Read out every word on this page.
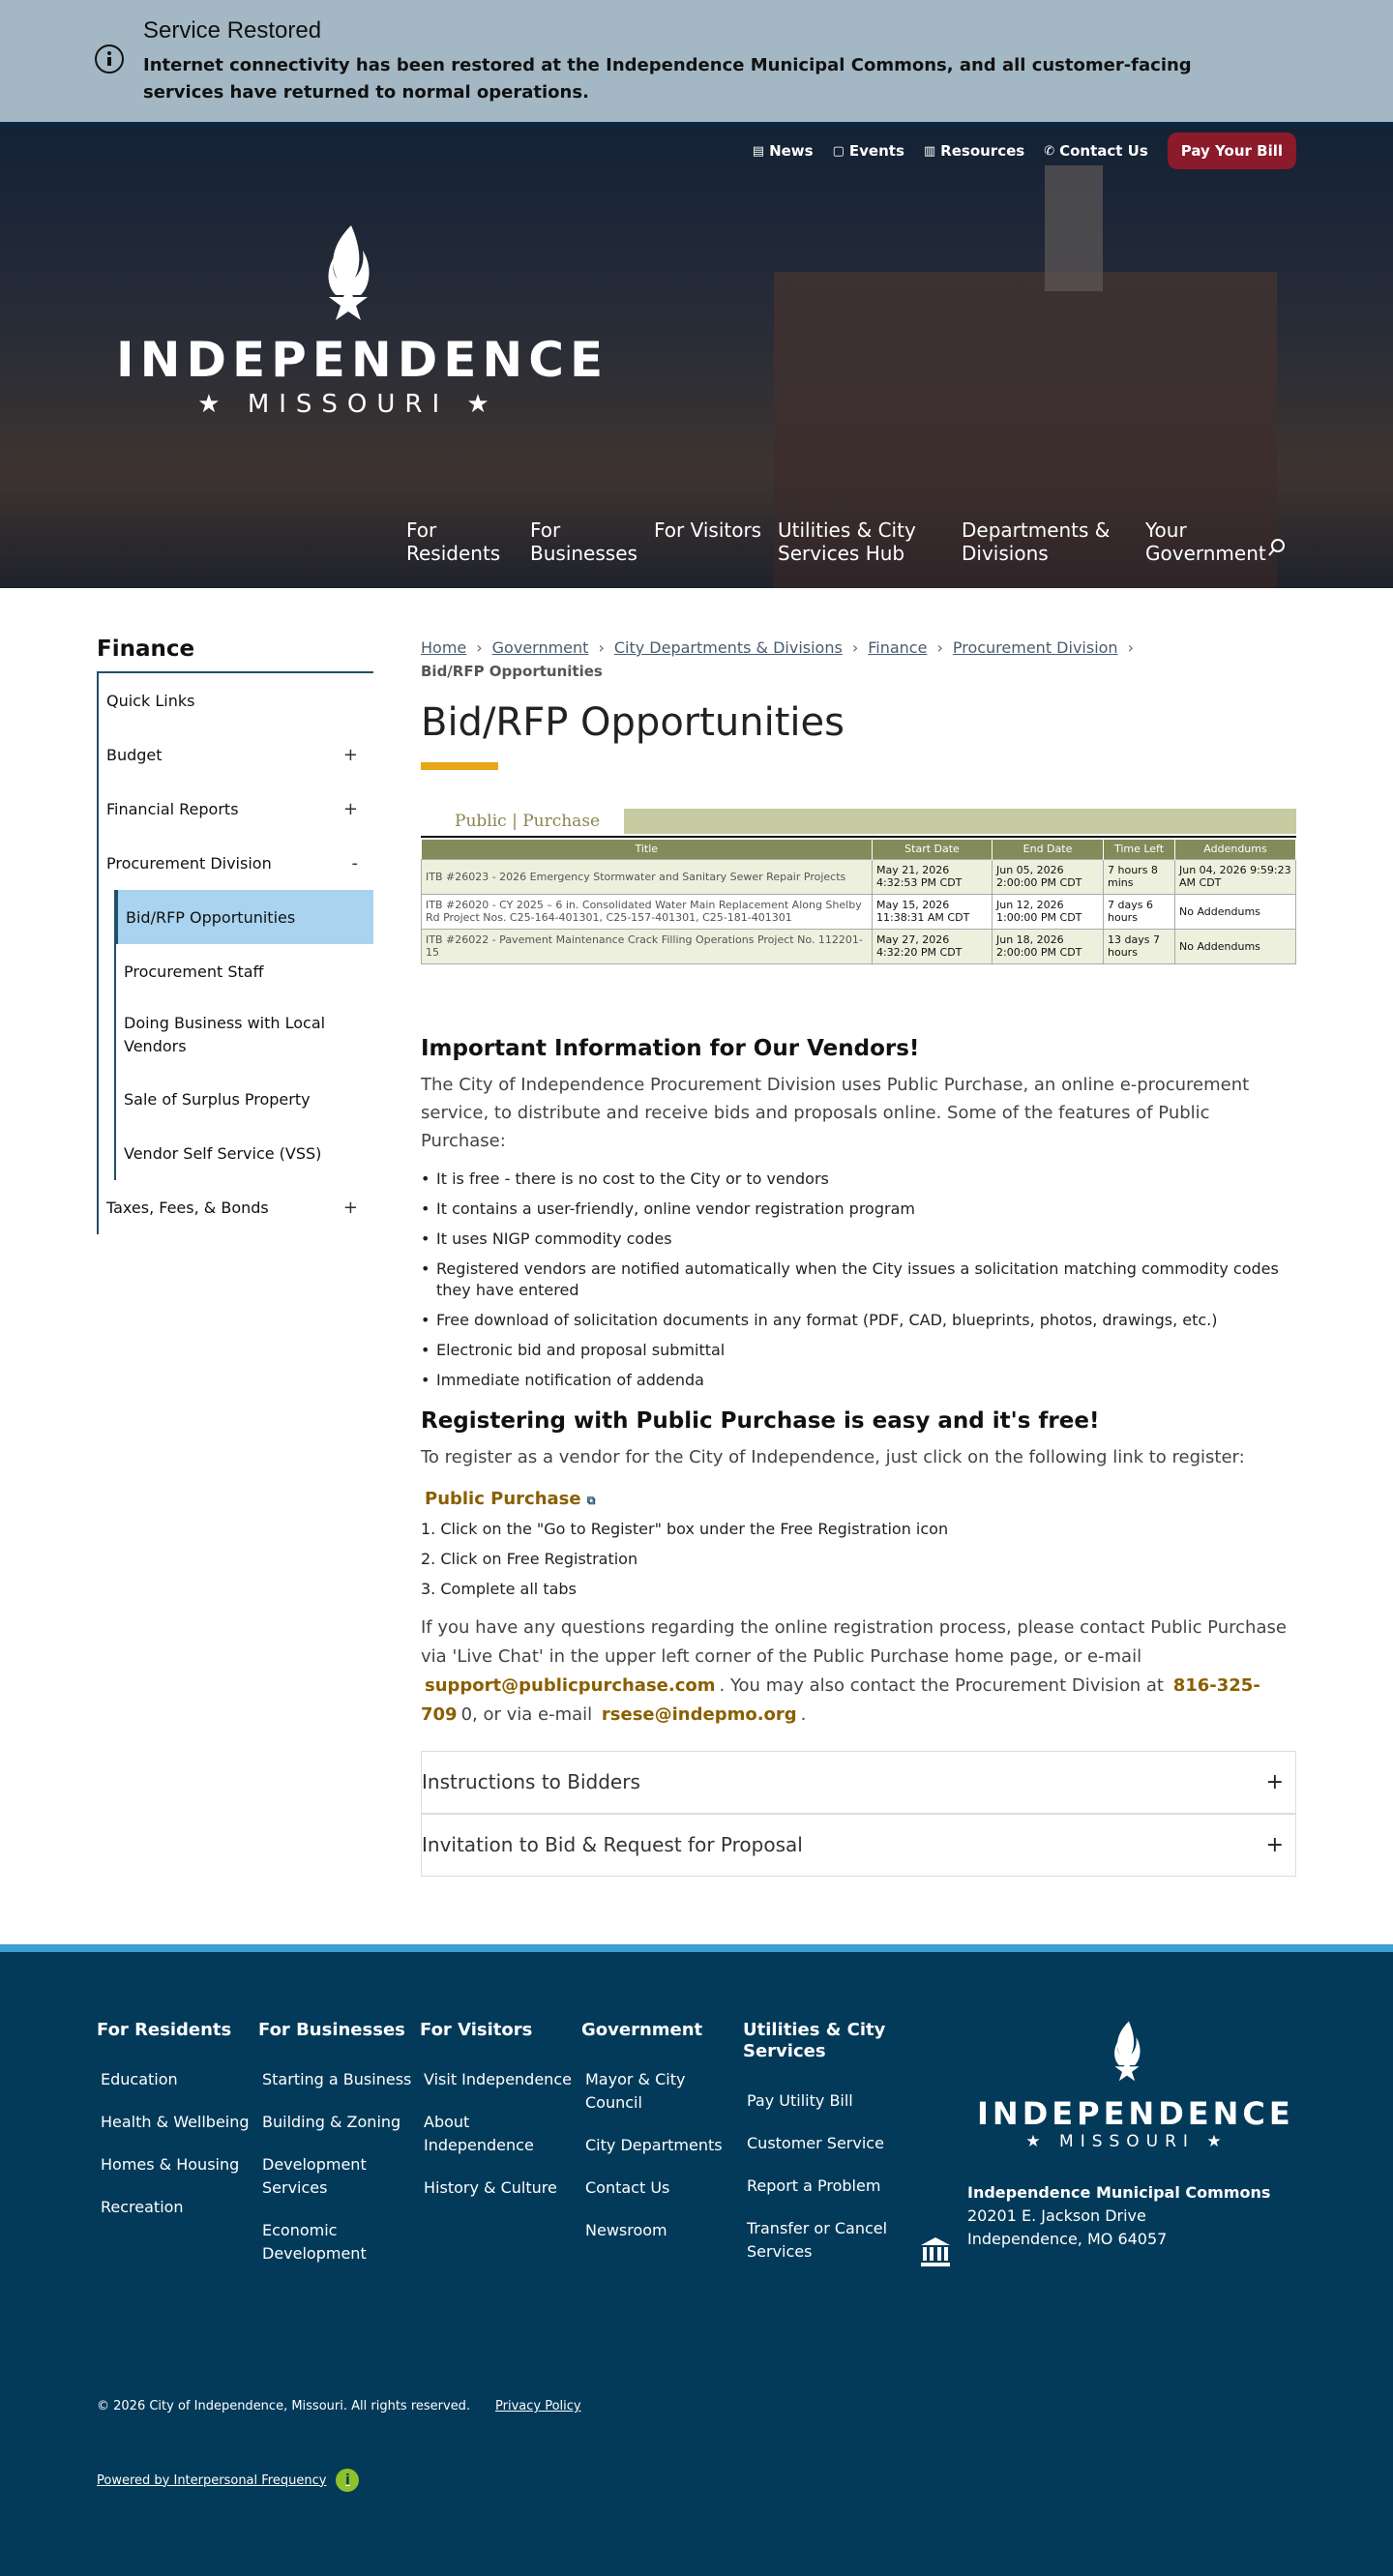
Service Restored
Internet connectivity has been restored at the Independence Municipal Commons, and all customer-facing services have returned to normal operations.
▤ News ▢ Events ▥ Resources ✆ Contact Us	Pay Your Bill
INDEPENDENCE
★ MISSOURI ★
For Residents
For Businesses
For Visitors Utilities & City Services Hub
Departments & Divisions
Your Government
Finance
Quick Links
Budget	+
Financial Reports	+
Procurement Division	-
Bid/RFP Opportunities
Procurement Staff
Doing Business with Local Vendors
Sale of Surplus Property
Vendor Self Service (VSS)
Taxes, Fees, & Bonds	+
Home › Government › City Departments & Divisions › Finance › Procurement Division ›
Bid/RFP Opportunities
Bid/RFP Opportunities
Public | Purchase
Title	Start Date	End Date	Time Left	Addendums
ITB #26023 - 2026 Emergency Stormwater and Sanitary Sewer Repair Projects	May 21, 2026 4:32:53 PM CDT	Jun 05, 2026 2:00:00 PM CDT	7 hours 8 mins	Jun 04, 2026 9:59:23 AM CDT
ITB #26020 - CY 2025 – 6 in. Consolidated Water Main Replacement Along Shelby Rd Project Nos. C25-164-401301, C25-157-401301, C25-181-401301	May 15, 2026 11:38:31 AM CDT	Jun 12, 2026 1:00:00 PM CDT	7 days 6 hours	No Addendums
ITB #26022 - Pavement Maintenance Crack Filling Operations Project No. 112201-15	May 27, 2026 4:32:20 PM CDT	Jun 18, 2026 2:00:00 PM CDT	13 days 7 hours	No Addendums
Important Information for Our Vendors!

The City of Independence Procurement Division uses Public Purchase, an online e-procurement service, to distribute and receive bids and proposals online. Some of the features of Public Purchase:

• It is free - there is no cost to the City or to vendors
• It contains a user-friendly, online vendor registration program
• It uses NIGP commodity codes
• Registered vendors are notified automatically when the City issues a solicitation matching commodity codes they have entered
• Free download of solicitation documents in any format (PDF, CAD, blueprints, photos, drawings, etc.)
• Electronic bid and proposal submittal
• Immediate notification of addenda
Registering with Public Purchase is easy and it's free!

To register as a vendor for the City of Independence, just click on the following link to register:

Public Purchase ⧉
1. Click on the "Go to Register" box under the Free Registration icon
2. Click on Free Registration
3. Complete all tabs

If you have any questions regarding the online registration process, please contact Public Purchase via 'Live Chat' in the upper left corner of the Public Purchase home page, or e-mail support@publicpurchase.com . You may also contact the Procurement Division at 816-325-709 0, or via e-mail rsese@indepmo.org .

Instructions to Bidders	+
Invitation to Bid & Request for Proposal	+
For Residents
Education
Health & Wellbeing
Homes & Housing
Recreation
For Businesses
Starting a Business
Building & Zoning
Development Services
Economic Development
For Visitors
Visit Independence
About Independence
History & Culture
Government
Mayor & City Council
City Departments
Contact Us
Newsroom
Utilities & City Services
Pay Utility Bill
Customer Service
Report a Problem
Transfer or Cancel Services
INDEPENDENCE
★ MISSOURI ★
Independence Municipal Commons
20201 E. Jackson Drive
Independence, MO 64057
© 2026 City of Independence, Missouri. All rights reserved. Privacy Policy
Powered by Interpersonal Frequency	i
